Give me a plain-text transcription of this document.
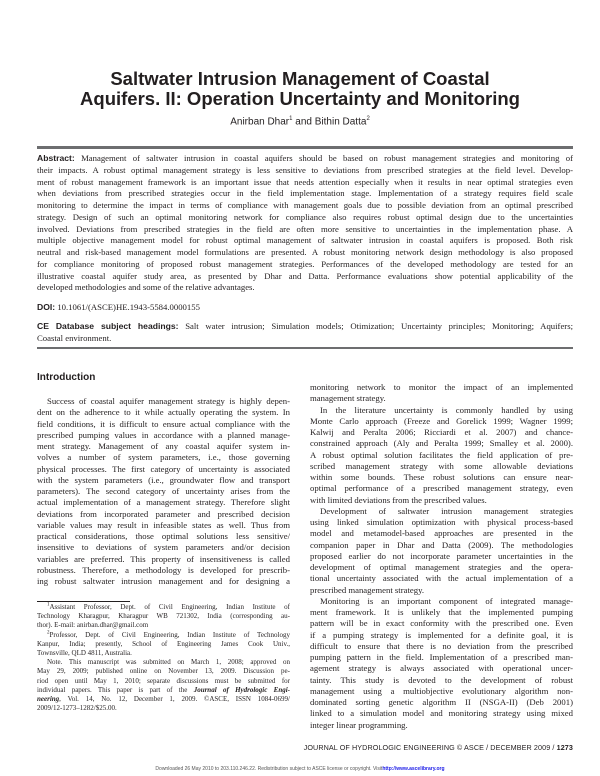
Saltwater Intrusion Management of Coastal
Aquifers. II: Operation Uncertainty and Monitoring
Anirban Dhar$^1$ and Bithin Datta$^2$
Abstract: Management of saltwater intrusion in coastal aquifers should be based on robust management strategies and monitoring of
their impacts. A robust optimal management strategy is less sensitive to deviations from prescribed strategies at the field level. Develop-
ment of robust management framework is an important issue that needs attention especially when it results in near optimal strategies even
when deviations from prescribed strategies occur in the field implementation stage. Implementation of a strategy requires field scale
monitoring to determine the impact in terms of compliance with management goals due to possible deviation from an optimal prescribed
strategy. Design of such an optimal monitoring network for compliance also requires robust optimal design due to the uncertainties
involved. Deviations from prescribed strategies in the field are often more sensitive to uncertainties in the implementation phase. A
multiple objective management model for robust optimal management of saltwater intrusion in coastal aquifers is proposed. Both risk
neutral and risk-based management model formulations are presented. A robust monitoring network design methodology is also proposed
for compliance monitoring of proposed robust management strategies. Performances of the developed methodology are tested for an
illustrative coastal aquifer study area, as presented by Dhar and Datta. Performance evaluations show potential applicability of the
developed methodologies and some of the relative advantages.
DOI: 10.1061/(ASCE)HE.1943-5584.0000155
CE Database subject headings: Salt water intrusion; Simulation models; Otimization; Uncertainty principles; Monitoring; Aquifers;
Coastal environment.
Introduction
Success of coastal aquifer management strategy is highly depen-
dent on the adherence to it while actually operating the system. In
field conditions, it is difficult to ensure actual compliance with the
prescribed pumping values in accordance with a planned manage-
ment strategy. Management of any coastal aquifer system in-
volves a number of system parameters, i.e., those governing
physical processes. The first category of uncertainty is associated
with the system parameters (i.e., groundwater flow and transport
parameters). The second category of uncertainty arises from the
actual implementation of a management strategy. Therefore slight
deviations from incorporated parameter and prescribed decision
variable values may result in infeasible states as well. Thus from
practical considerations, those optimal solutions less sensitive/
insensitive to deviations of system parameters and/or decision
variables are preferred. This property of insensitiveness is called
robustness. Therefore, a methodology is developed for prescrib-
ing robust saltwater intrusion management and for designing a
$^1$Assistant Professor, Dept. of Civil Engineering, Indian Institute of
Technology Kharagpur, Kharagpur WB 721302, India (corresponding au-
thor). E-mail: anirban.dhar@gmail.com
$^2$Professor, Dept. of Civil Engineering, Indian Institute of Technology
Kanpur, India; presently, School of Engineering James Cook Univ.,
Townsville, QLD 4811, Australia.
Note. This manuscript was submitted on March 1, 2008; approved on
May 29, 2009; published online on November 13, 2009. Discussion pe-
riod open until May 1, 2010; separate discussions must be submitted for
individual papers. This paper is part of the Journal of Hydrologic Engi-
neering, Vol. 14, No. 12, December 1, 2009. ©ASCE, ISSN 1084-0699/
2009/12-1273–1282/$25.00.
monitoring network to monitor the impact of an implemented
management strategy.
In the literature uncertainty is commonly handled by using
Monte Carlo approach (Freeze and Gorelick 1999; Wagner 1999;
Kalwij and Peralta 2006; Ricciardi et al. 2007) and chance-
constrained approach (Aly and Peralta 1999; Smalley et al. 2000).
A robust optimal solution facilitates the field application of pre-
scribed management strategy with some allowable deviations
within some bounds. These robust solutions can ensure near-
optimal performance of a prescribed management strategy, even
with limited deviations from the prescribed values.
Development of saltwater intrusion management strategies
using linked simulation optimization with physical process-based
model and metamodel-based approaches are presented in the
companion paper in Dhar and Datta (2009). The methodologies
proposed earlier do not incorporate parameter uncertainties in the
development of optimal management strategies and the opera-
tional uncertainty associated with the actual implementation of a
prescribed management strategy.
Monitoring is an important component of integrated manage-
ment framework. It is unlikely that the implemented pumping
pattern will be in exact conformity with the prescribed one. Even
if a pumping strategy is implemented for a definite goal, it is
difficult to ensure that there is no deviation from the prescribed
pumping pattern in the field. Implementation of a prescribed man-
agement strategy is always associated with operational uncer-
tainty. This study is devoted to the development of robust
management using a multiobjective evolutionary algorithm non-
dominated sorting genetic algorithm II (NSGA-II) (Deb 2001)
linked to a simulation model and monitoring strategy using mixed
integer linear programming.
JOURNAL OF HYDROLOGIC ENGINEERING © ASCE / DECEMBER 2009 / 1273
Downloaded 26 May 2010 to 203.110.246.22. Redistribution subject to ASCE license or copyright. Visithttp://www.ascelibrary.org
